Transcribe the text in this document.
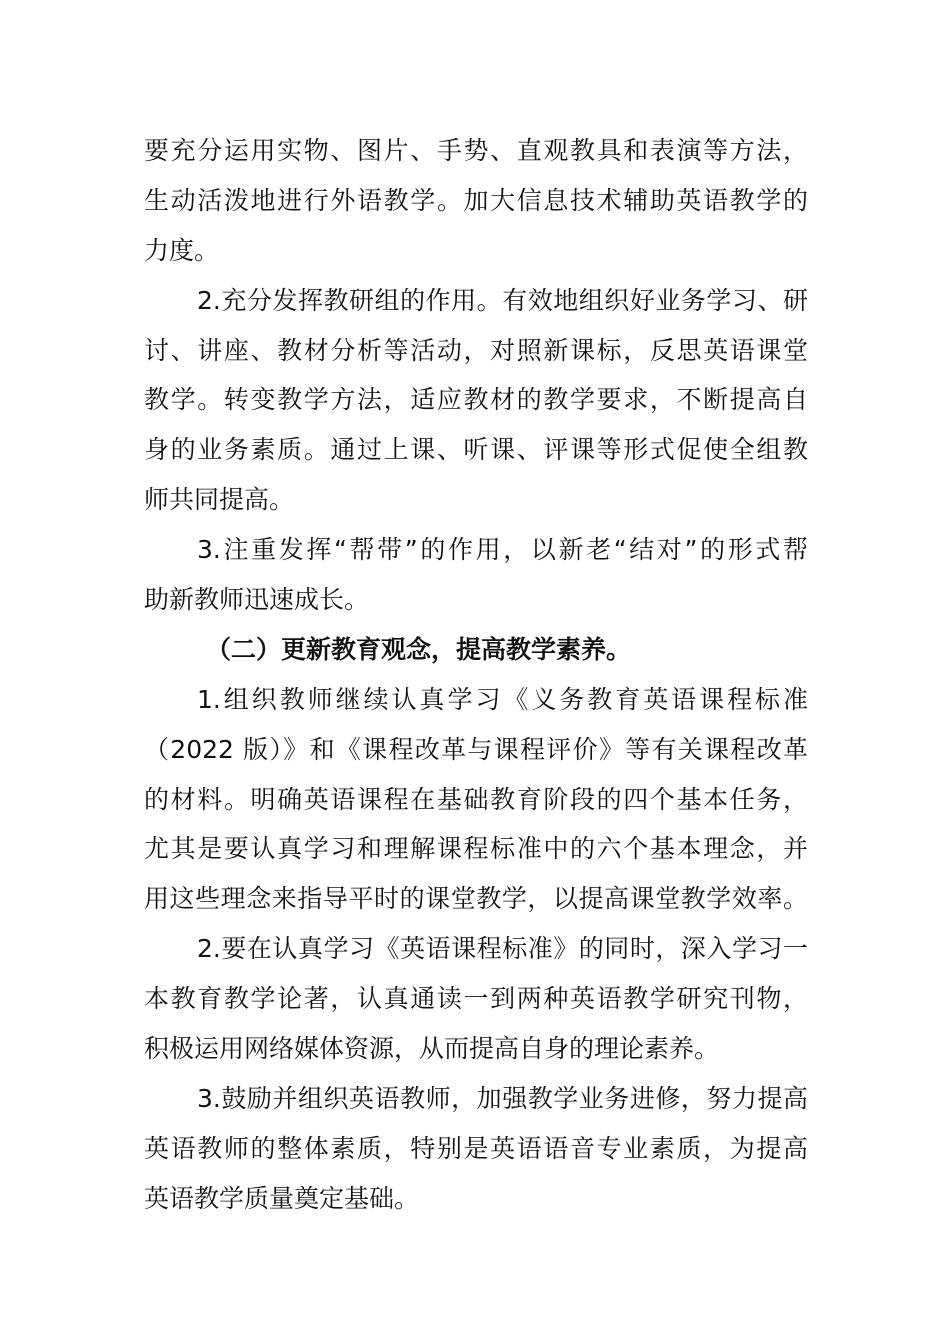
要充分运用实物、图片、手势、直观教具和表演等方法，
生动活泼地进行外语教学。加大信息技术辅助英语教学的
力度。
2.充分发挥教研组的作用。有效地组织好业务学习、研
讨、讲座、教材分析等活动，对照新课标，反思英语课堂
教学。转变教学方法，适应教材的教学要求，不断提高自
身的业务素质。通过上课、听课、评课等形式促使全组教
师共同提高。
3.注重发挥“帮带”的作用，以新老“结对”的形式帮
助新教师迅速成长。
（二）更新教育观念，提高教学素养。
1.组织教师继续认真学习《义务教育英语课程标准
（2022 版）》和《课程改革与课程评价》等有关课程改革
的材料。明确英语课程在基础教育阶段的四个基本任务，
尤其是要认真学习和理解课程标准中的六个基本理念，并
用这些理念来指导平时的课堂教学，以提高课堂教学效率。
2.要在认真学习《英语课程标准》的同时，深入学习一
本教育教学论著，认真通读一到两种英语教学研究刊物，
积极运用网络媒体资源，从而提高自身的理论素养。
3.鼓励并组织英语教师，加强教学业务进修，努力提高
英语教师的整体素质，特别是英语语音专业素质，为提高
英语教学质量奠定基础。
